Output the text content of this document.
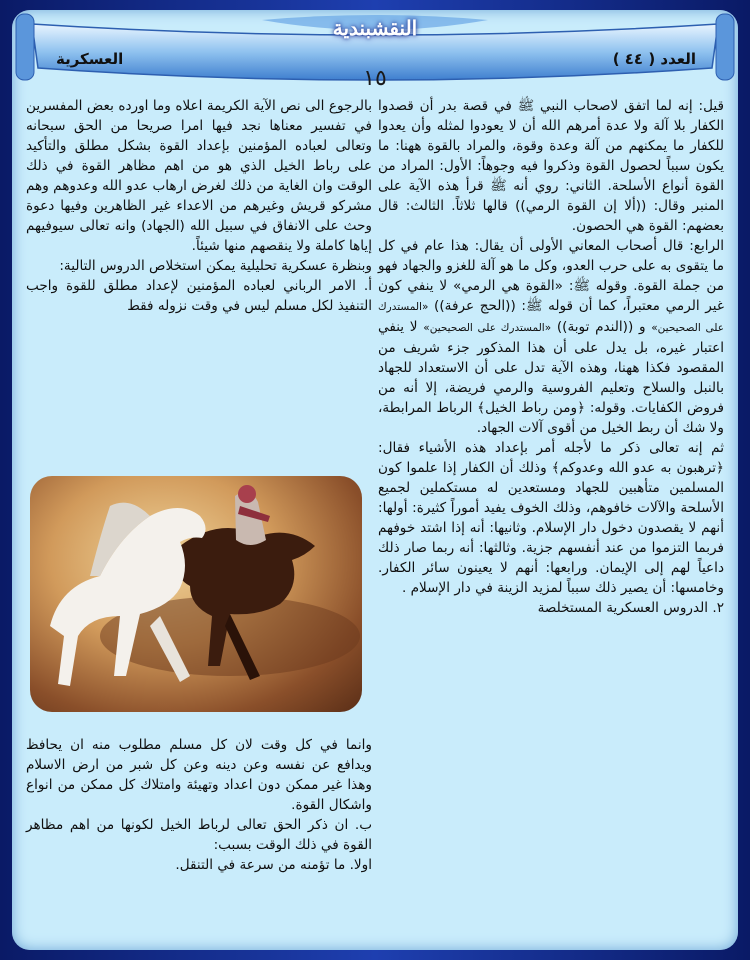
النقشبندية
العدد ( ٤٤ )
العسكرية
١٥

قيل: إنه لما اتفق لاصحاب النبي ﷺ في قصة بدر أن قصدوا الكفار بلا آلة ولا عدة أمرهم الله أن لا يعودوا لمثله وأن يعدوا للكفار ما يمكنهم من آلة وعدة وقوة، والمراد بالقوة ههنا: ما يكون سبباً لحصول القوة وذكروا فيه وجوهاً: الأول: المراد من القوة أنواع الأسلحة. الثاني: روي أنه ﷺ قرأ هذه الآية على المنبر وقال: ((ألا إن القوة الرمي)) قالها ثلاثاً. الثالث: قال بعضهم: القوة هي الحصون.

الرابع: قال أصحاب المعاني الأولى أن يقال: هذا عام في كل ما يتقوى به على حرب العدو، وكل ما هو آلة للغزو والجهاد فهو من جملة القوة. وقوله ﷺ: «القوة هي الرمي» لا ينفي كون غير الرمي معتبراً، كما أن قوله ﷺ: ((الحج عرفة)) «المستدرك على الصحيحين» و ((الندم توبة)) «المستدرك على الصحيحين» لا ينفي اعتبار غيره، بل يدل على أن هذا المذكور جزء شريف من المقصود فكذا ههنا، وهذه الآية تدل على أن الاستعداد للجهاد بالنبل والسلاح وتعليم الفروسية والرمي فريضة، إلا أنه من فروض الكفايات. وقوله: ﴿ومن رباط الخيل﴾ الرباط المرابطة، ولا شك أن ربط الخيل من أقوى آلات الجهاد.

ثم إنه تعالى ذكر ما لأجله أمر بإعداد هذه الأشياء فقال: ﴿ترهبون به عدو الله وعدوكم﴾ وذلك أن الكفار إذا علموا كون المسلمين متأهبين للجهاد ومستعدين له مستكملين لجميع الأسلحة والآلات خافوهم، وذلك الخوف يفيد أموراً كثيرة: أولها: أنهم لا يقصدون دخول دار الإسلام. وثانيها: أنه إذا اشتد خوفهم فربما التزموا من عند أنفسهم جزية. وثالثها: أنه ربما صار ذلك داعياً لهم إلى الإيمان. ورابعها: أنهم لا يعينون سائر الكفار. وخامسها: أن يصير ذلك سبباً لمزيد الزينة في دار الإسلام .

٢. الدروس العسكرية المستخلصة

بالرجوع الى نص الآية الكريمة اعلاه وما اورده بعض المفسرين في تفسير معناها نجد فيها امرا صريحا من الحق سبحانه وتعالى لعباده المؤمنين بإعداد القوة بشكل مطلق والتأكيد على رباط الخيل الذي هو من اهم مظاهر القوة في ذلك الوقت وان الغاية من ذلك لغرض ارهاب عدو الله وعدوهم وهم مشركو قريش وغيرهم من الاعداء غير الظاهرين وفيها دعوة وحث على الانفاق في سبيل الله (الجهاد) وانه تعالى سيوفيهم إياها كاملة ولا ينقصهم منها شيئاً.

وبنظرة عسكرية تحليلية يمكن استخلاص الدروس التالية:

أ. الامر الرباني لعباده المؤمنين لإعداد مطلق للقوة واجب التنفيذ لكل مسلم ليس في وقت نزوله فقط

وانما في كل وقت لان كل مسلم مطلوب منه ان يحافظ ويدافع عن نفسه وعن دينه وعن كل شبر من ارض الاسلام وهذا غير ممكن دون اعداد وتهيئة وامتلاك كل ممكن من انواع واشكال القوة.

ب. ان ذكر الحق تعالى لرباط الخيل لكونها من اهم مظاهر القوة في ذلك الوقت بسبب:

اولا. ما تؤمنه من سرعة في التنقل.
